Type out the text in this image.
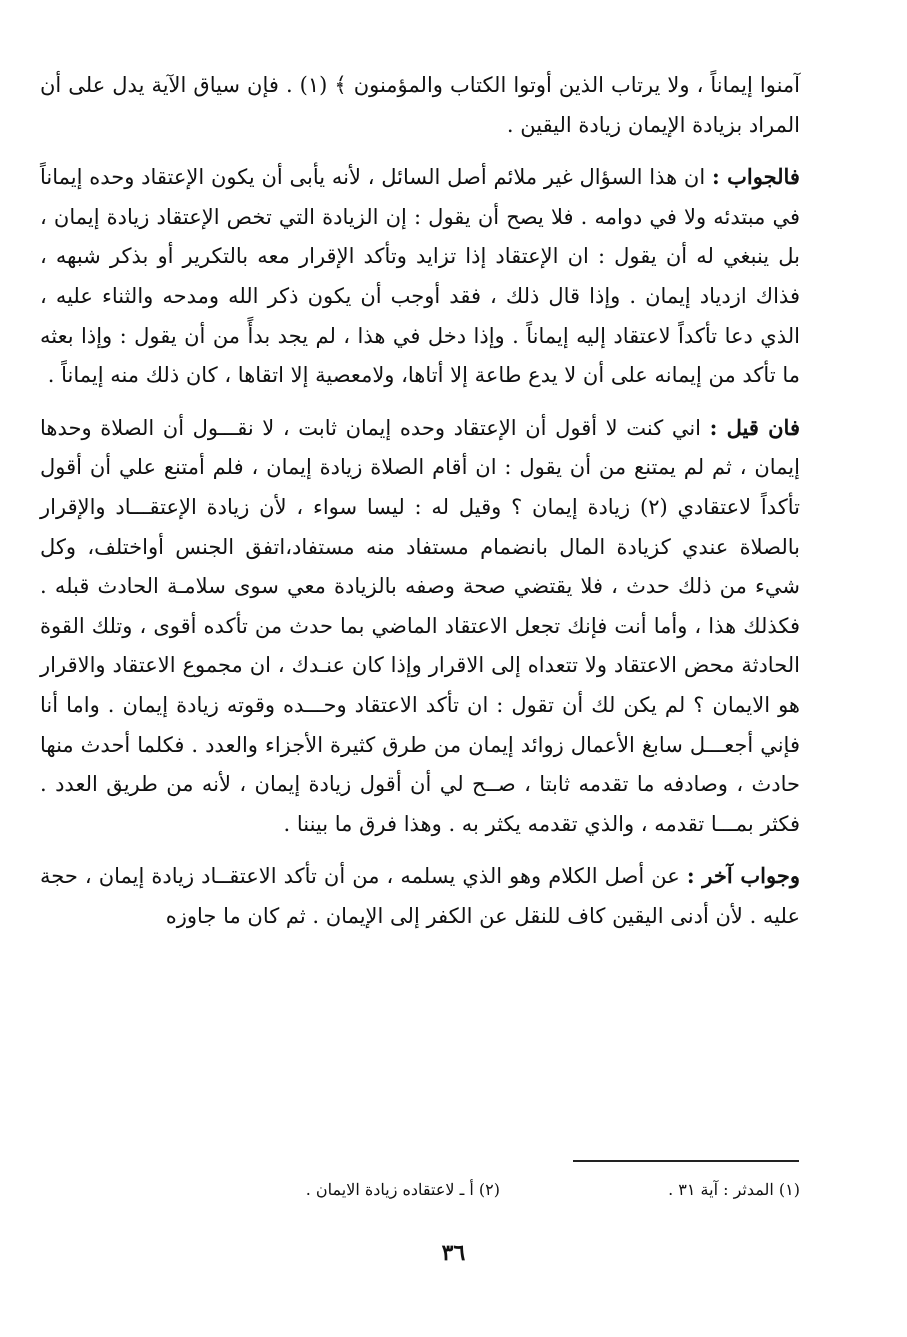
آمنوا إيماناً ، ولا يرتاب الذين أوتوا الكتاب والمؤمنون ﴾ (١) . فإن سياق الآية يدل على أن المراد بزيادة الإيمان زيادة اليقين .

فالجواب : ان هذا السؤال غير ملائم أصل السائل ، لأنه يأبى أن يكون الإعتقاد وحده إيماناً في مبتدئه ولا في دوامه . فلا يصح أن يقول : إن الزيادة التي تخص الإعتقاد زيادة إيمان ، بل ينبغي له أن يقول : ان الإعتقاد إذا تزايد وتأكد الإقرار معه بالتكرير أو بذكر شبهه ، فذاك ازدياد إيمان . وإذا قال ذلك ، فقد أوجب أن يكون ذكر الله ومدحه والثناء عليه ، الذي دعا تأكداً لاعتقاد إليه إيماناً . وإذا دخل في هذا ، لم يجد بدأً من أن يقول : وإذا بعثه ما تأكد من إيمانه على أن لا يدع طاعة إلا أتاها، ولامعصية إلا اتقاها ، كان ذلك منه إيماناً .

فان قيل : اني كنت لا أقول أن الإعتقاد وحده إيمان ثابت ، لا نقـــول أن الصلاة وحدها إيمان ، ثم لم يمتنع من أن يقول : ان أقام الصلاة زيادة إيمان ، فلم أمتنع علي أن أقول تأكداً لاعتقادي (٢) زيادة إيمان ؟ وقيل له : ليسا سواء ، لأن زيادة الإعتقـــاد والإقرار بالصلاة عندي كزيادة المال بانضمام مستفاد منه مستفاد،اتفق الجنس أواختلف، وكل شيء من ذلك حدث ، فلا يقتضي صحة وصفه بالزيادة معي سوى سلامـة الحادث قبله . فكذلك هذا ، وأما أنت فإنك تجعل الاعتقاد الماضي بما حدث من تأكده أقوى ، وتلك القوة الحادثة محض الاعتقاد ولا تتعداه إلى الاقرار وإذا كان عنـدك ، ان مجموع الاعتقاد والاقرار هو الايمان ؟ لم يكن لك أن تقول : ان تأكد الاعتقاد وحـــده وقوته زيادة إيمان . واما أنا فإني أجعـــل سابغ الأعمال زوائد إيمان من طرق كثيرة الأجزاء والعدد . فكلما أحدث منها حادث ، وصادفه ما تقدمه ثابتا ، صــح لي أن أقول زيادة إيمان ، لأنه من طريق العدد . فكثر بمـــا تقدمه ، والذي تقدمه يكثر به . وهذا فرق ما بيننا .

وجواب آخر : عن أصل الكلام وهو الذي يسلمه ، من أن تأكد الاعتقــاد زيادة إيمان ، حجة عليه . لأن أدنى اليقين كاف للنقل عن الكفر إلى الإيمان . ثم كان ما جاوزه

(١) المدثر : آية ٣١ .
(٢) أ ـ لاعتقاده زيادة الايمان .
٣٦
